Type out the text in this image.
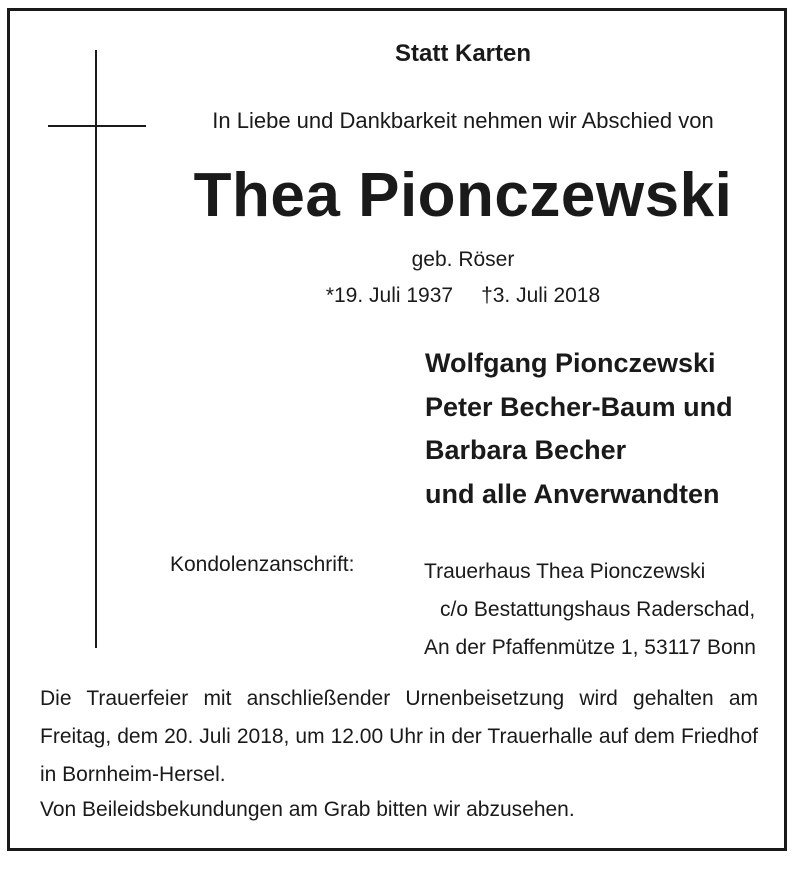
Statt Karten

In Liebe und Dankbarkeit nehmen wir Abschied von

Thea Pionczewski

geb. Röser

*19. Juli 1937 †3. Juli 2018

Wolfgang Pionczewski
Peter Becher-Baum und
Barbara Becher
und alle Anverwandten

Kondolenzanschrift:	Trauerhaus Thea Pionczewski
c/o Bestattungshaus Raderschad,
An der Pfaffenmütze 1, 53117 Bonn

Die Trauerfeier mit anschließender Urnenbeisetzung wird gehalten am Freitag, dem 20. Juli 2018, um 12.00 Uhr in der Trauerhalle auf dem Friedhof in Bornheim-Hersel.

Von Beileidsbekundungen am Grab bitten wir abzusehen.
